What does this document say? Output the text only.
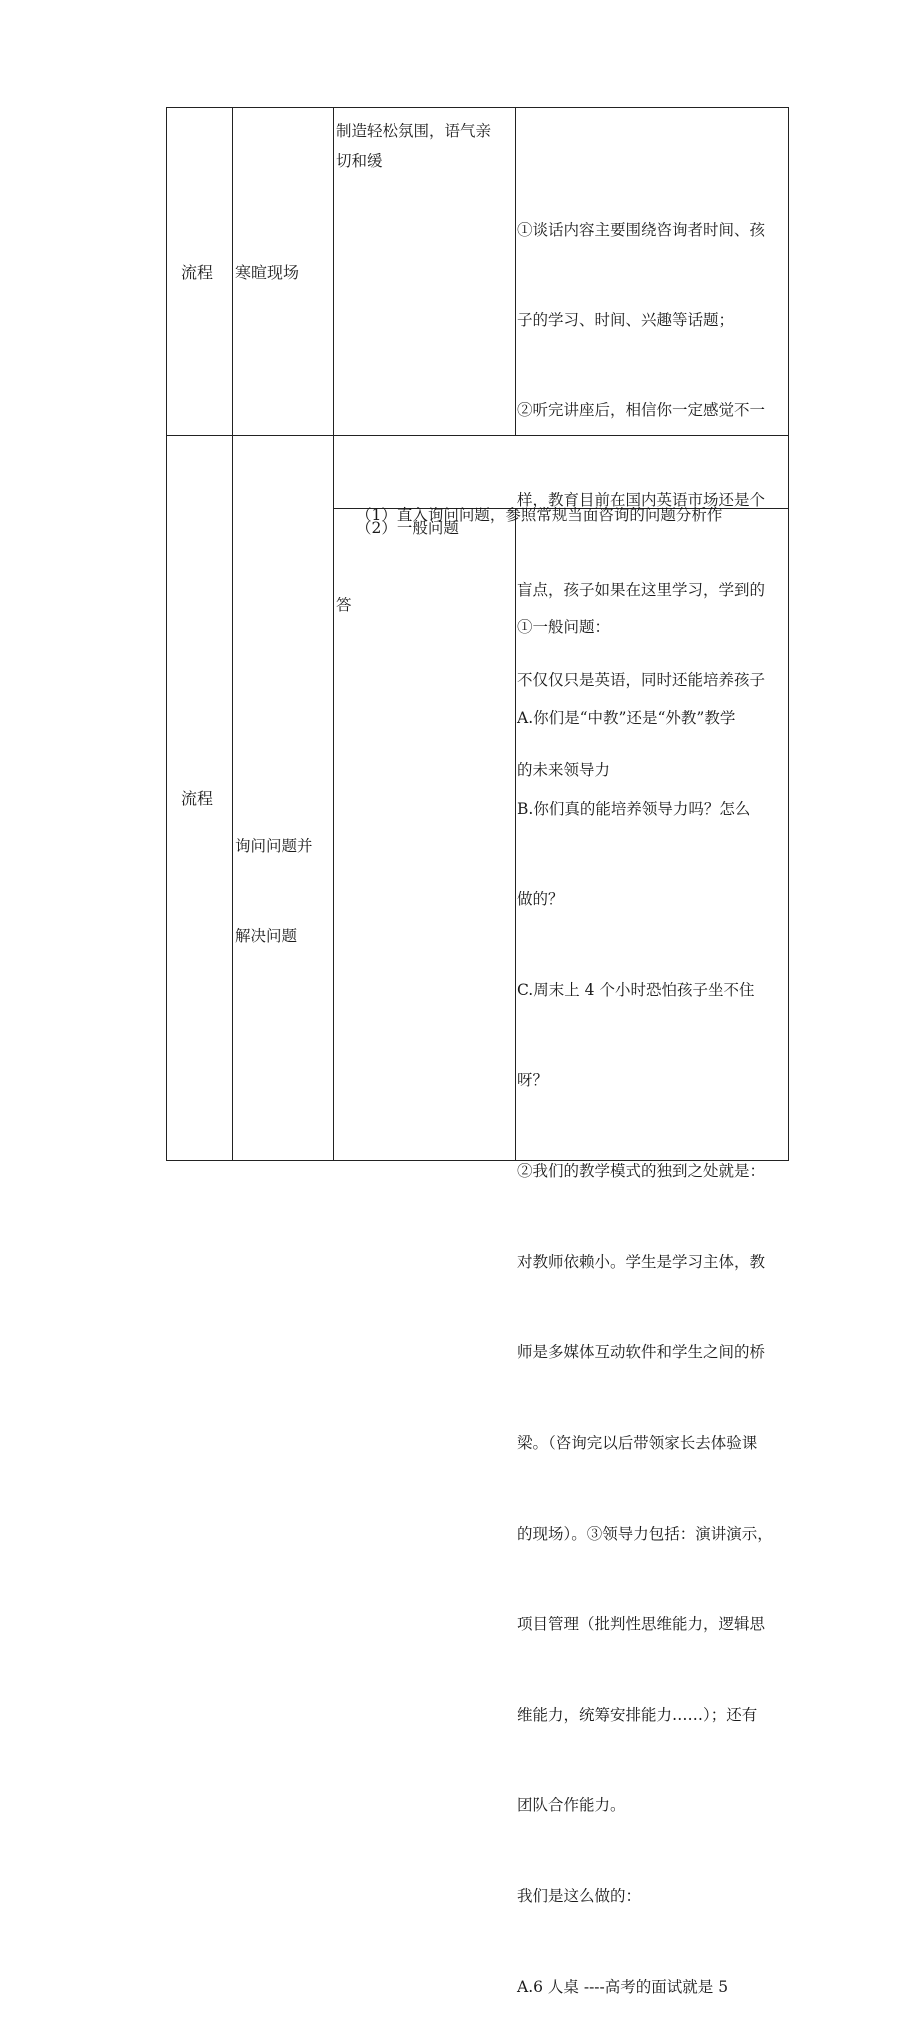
流程 寒暄现场
制造轻松氛围，语气亲切和缓

①谈话内容主要围绕咨询者时间、孩

子的学习、时间、兴趣等话题；

②听完讲座后，相信你一定感觉不一

样，教育目前在国内英语市场还是个

盲点，孩子如果在这里学习，学到的

不仅仅只是英语，同时还能培养孩子

的未来领导力

流程

询问问题并

解决问题

（1）直入询问问题，参照常规当面咨询的问题分析作

答

（2）一般问题

①一般问题：

A.你们是“中教”还是“外教”教学

B.你们真的能培养领导力吗？怎么

做的？

C.周末上 4 个小时恐怕孩子坐不住

呀？

②我们的教学模式的独到之处就是：

对教师依赖小。学生是学习主体，教

师是多媒体互动软件和学生之间的桥

梁。（咨询完以后带领家长去体验课

的现场）。③领导力包括：演讲演示，

项目管理（批判性思维能力，逻辑思

维能力，统筹安排能力……）；还有

团队合作能力。

我们是这么做的：

A.6 人桌 ----高考的面试就是 5
